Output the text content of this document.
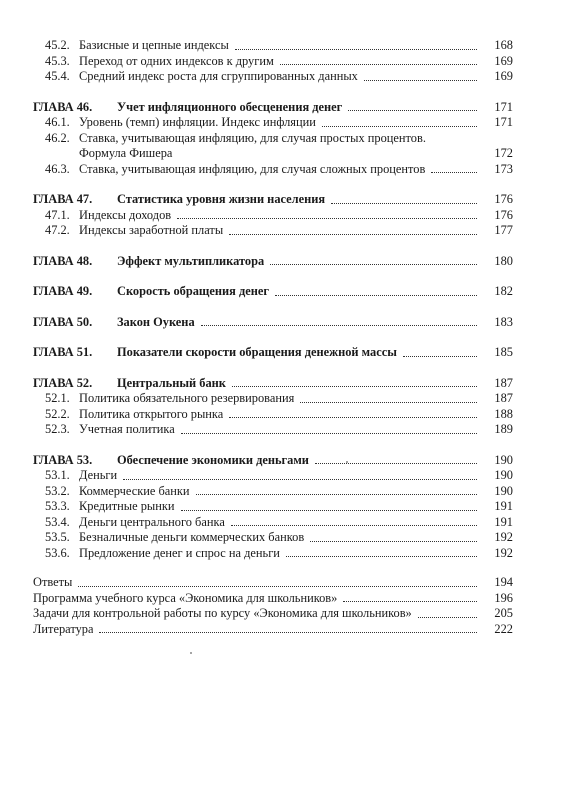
45.2. Базисные и цепные индексы	168
45.3. Переход от одних индексов к другим	169
45.4. Средний индекс роста для сгруппированных данных	169
ГЛАВА 46.	Учет инфляционного обесценения денег	171
46.1. Уровень (темп) инфляции. Индекс инфляции	171
46.2. Ставка, учитывающая инфляцию, для случая простых процентов.
Формула Фишера	172
46.3. Ставка, учитывающая инфляцию, для случая сложных процентов	173
ГЛАВА 47.	Статистика уровня жизни населения	176
47.1. Индексы доходов	176
47.2. Индексы заработной платы	177
ГЛАВА 48.	Эффект мультипликатора	180
ГЛАВА 49.	Скорость обращения денег	182
ГЛАВА 50.	Закон Оукена	183
ГЛАВА 51.	Показатели скорости обращения денежной массы	185
ГЛАВА 52.	Центральный банк	187
52.1. Политика обязательного резервирования	187
52.2. Политика открытого рынка	188
52.3. Учетная политика	189
ГЛАВА 53.	Обеспечение экономики деньгами	190
53.1. Деньги	190
53.2. Коммерческие банки	190
53.3. Кредитные рынки	191
53.4. Деньги центрального банка	191
53.5. Безналичные деньги коммерческих банков	192
53.6. Предложение денег и спрос на деньги	192
Ответы	194
Программа учебного курса «Экономика для школьников»	196
Задачи для контрольной работы по курсу «Экономика для школьников»	205
Литература	222
